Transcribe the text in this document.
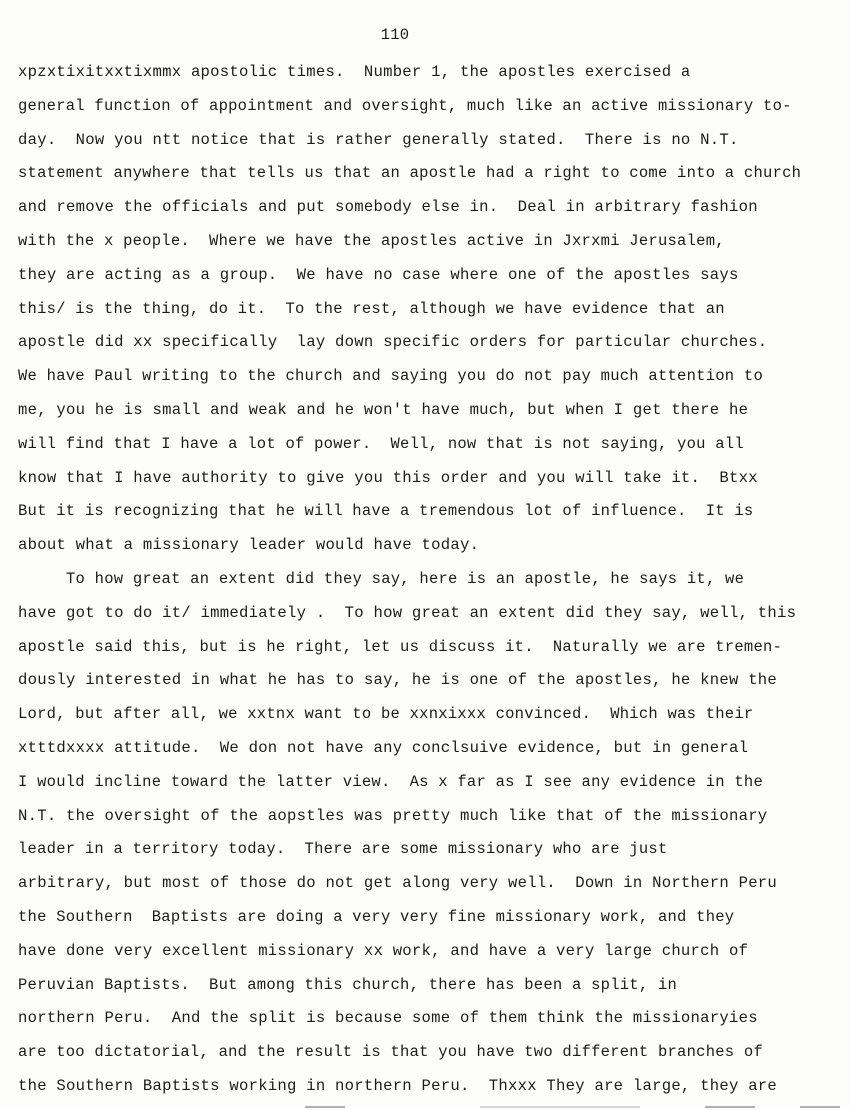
110
xpzxtixitxxtixmmx apostolic times.  Number 1, the apostles exercised a
general function of appointment and oversight, much like an active missionary to-
day.  Now you ntt notice that is rather generally stated.  There is no N.T.
statement anywhere that tells us that an apostle had a right to come into a church
and remove the officials and put somebody else in.  Deal in arbitrary fashion
with the x people.  Where we have the apostles active in Jxrxmi Jerusalem,
they are acting as a group.  We have no case where one of the apostles says
this/ is the thing, do it.  To the rest, although we have evidence that an
apostle did xx specifically  lay down specific orders for particular churches.
We have Paul writing to the church and saying you do not pay much attention to
me, you he is small and weak and he won't have much, but when I get there he
will find that I have a lot of power.  Well, now that is not saying, you all
know that I have authority to give you this order and you will take it.  Btxx
But it is recognizing that he will have a tremendous lot of influence.  It is
about what a missionary leader would have today.
To how great an extent did they say, here is an apostle, he says it, we
have got to do it/ immediately .  To how great an extent did they say, well, this
apostle said this, but is he right, let us discuss it.  Naturally we are tremen-
dously interested in what he has to say, he is one of the apostles, he knew the
Lord, but after all, we xxtnx want to be xxnxixxx convinced.  Which was their
xtttdxxxx attitude.  We don not have any conclsuive evidence, but in general
I would incline toward the latter view.  As x far as I see any evidence in the
N.T. the oversight of the aopstles was pretty much like that of the missionary
leader in a territory today.  There are some missionary who are just
arbitrary, but most of those do not get along very well.  Down in Northern Peru
the Southern  Baptists are doing a very very fine missionary work, and they
have done very excellent missionary xx work, and have a very large church of
Peruvian Baptists.  But among this church, there has been a split, in
northern Peru.  And the split is because some of them think the missionaryies
are too dictatorial, and the result is that you have two different branches of
the Southern Baptists working in northern Peru.  Thxxx They are large, they are
